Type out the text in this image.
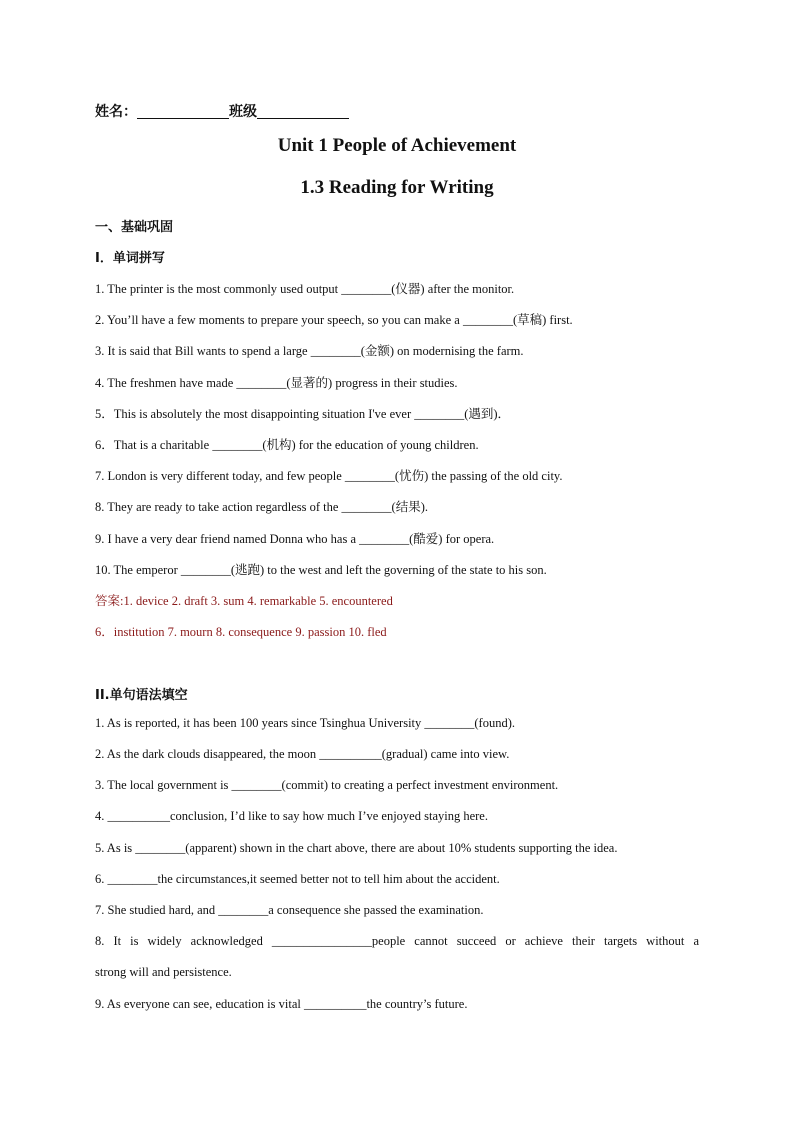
姓名：	班级
Unit 1 People of Achievement
1.3 Reading for Writing
一、基础巩固
I．单词拼写
1. The printer is the most commonly used output ________(仪器) after the monitor.
2. You’ll have a few moments to prepare your speech, so you can make a ________(草稿) first.
3. It is said that Bill wants to spend a large ________(金额) on modernising the farm.
4. The freshmen have made ________(显著的) progress in their studies.
5．This is absolutely the most disappointing situation I've ever ________(遇到)．
6．That is a charitable ________(机构) for the education of young children.
7. London is very different today, and few people ________(忧伤) the passing of the old city.
8. They are ready to take action regardless of the ________(结果).
9. I have a very dear friend named Donna who has a ________(酷爱) for opera.
10. The emperor ________(逃跑) to the west and left the governing of the state to his son.
答案:1. device 2. draft 3. sum 4. remarkable 5. encountered
6．institution 7. mourn 8. consequence 9. passion 10. fled
II.单句语法填空
1. As is reported, it has been 100 years since Tsinghua University ________(found).
2. As the dark clouds disappeared, the moon __________(gradual) came into view.
3. The local government is ________(commit) to creating a perfect investment environment.
4. __________conclusion, I’d like to say how much I’ve enjoyed staying here.
5. As is ________(apparent) shown in the chart above, there are about 10% students supporting the idea.
6. ________the circumstances,it seemed better not to tell him about the accident.
7. She studied hard, and ________a consequence she passed the examination.
8. It is widely acknowledged ________________people cannot succeed or achieve their targets without a
strong will and persistence.
9. As everyone can see, education is vital __________the country’s future.
